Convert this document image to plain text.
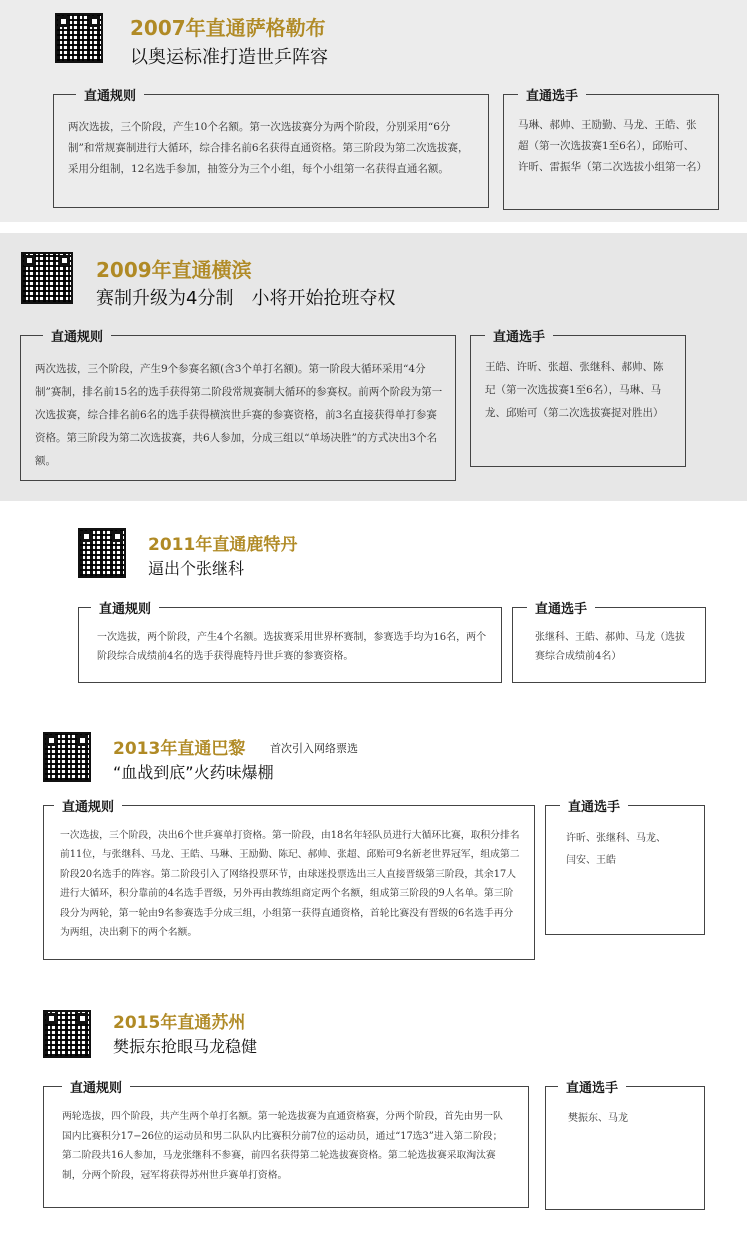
2007年直通萨格勒布
以奥运标准打造世乒阵容
直通规则
两次选拔，三个阶段，产生10个名额。第一次选拔赛分为两个阶段，分别采用“6分制”和常规赛制进行大循环，综合排名前6名获得直通资格。第三阶段为第二次选拔赛，采用分组制，12名选手参加，抽签分为三个小组，每个小组第一名获得直通名额。
直通选手
马琳、郝帅、王励勤、马龙、王皓、张超（第一次选拔赛1至6名），邱贻可、许昕、雷振华（第二次选拔小组第一名）
2009年直通横滨
赛制升级为4分制　小将开始抢班夺权
直通规则
两次选拔，三个阶段，产生9个参赛名额(含3个单打名额)。第一阶段大循环采用“4分制”赛制，排名前15名的选手获得第二阶段常规赛制大循环的参赛权。前两个阶段为第一次选拔赛，综合排名前6名的选手获得横滨世乒赛的参赛资格，前3名直接获得单打参赛资格。第三阶段为第二次选拔赛，共6人参加，分成三组以“单场决胜”的方式决出3个名额。
直通选手
王皓、许昕、张超、张继科、郝帅、陈玘（第一次选拔赛1至6名），马琳、马龙、邱贻可（第二次选拔赛捉对胜出）
2011年直通鹿特丹
逼出个张继科
直通规则
一次选拔，两个阶段，产生4个名额。选拔赛采用世界杯赛制，参赛选手均为16名，两个阶段综合成绩前4名的选手获得鹿特丹世乒赛的参赛资格。
直通选手
张继科、王皓、郝帅、马龙（选拔赛综合成绩前4名）
2013年直通巴黎 首次引入网络票选
“血战到底”火药味爆棚
直通规则
一次选拔，三个阶段，决出6个世乒赛单打资格。第一阶段，由18名年轻队员进行大循环比赛，取积分排名前11位，与张继科、马龙、王皓、马琳、王励勤、陈玘、郝帅、张超、邱贻可9名新老世界冠军，组成第二阶段20名选手的阵容。第二阶段引入了网络投票环节，由球迷投票选出三人直接晋级第三阶段，其余17人进行大循环，积分靠前的4名选手晋级，另外再由教练组商定两个名额，组成第三阶段的9人名单。第三阶段分为两轮，第一轮由9名参赛选手分成三组，小组第一获得直通资格，首轮比赛没有晋级的6名选手再分为两组，决出剩下的两个名额。
直通选手
许昕、张继科、马龙、闫安、王皓
2015年直通苏州
樊振东抢眼马龙稳健
直通规则
两轮选拔，四个阶段，共产生两个单打名额。第一轮选拔赛为直通资格赛，分两个阶段，首先由男一队国内比赛积分17−26位的运动员和男二队队内比赛积分前7位的运动员，通过“17选3”进入第二阶段；第二阶段共16人参加，马龙张继科不参赛，前四名获得第二轮选拔赛资格。第二轮选拔赛采取淘汰赛制，分两个阶段，冠军将获得苏州世乒赛单打资格。
直通选手
樊振东、马龙
